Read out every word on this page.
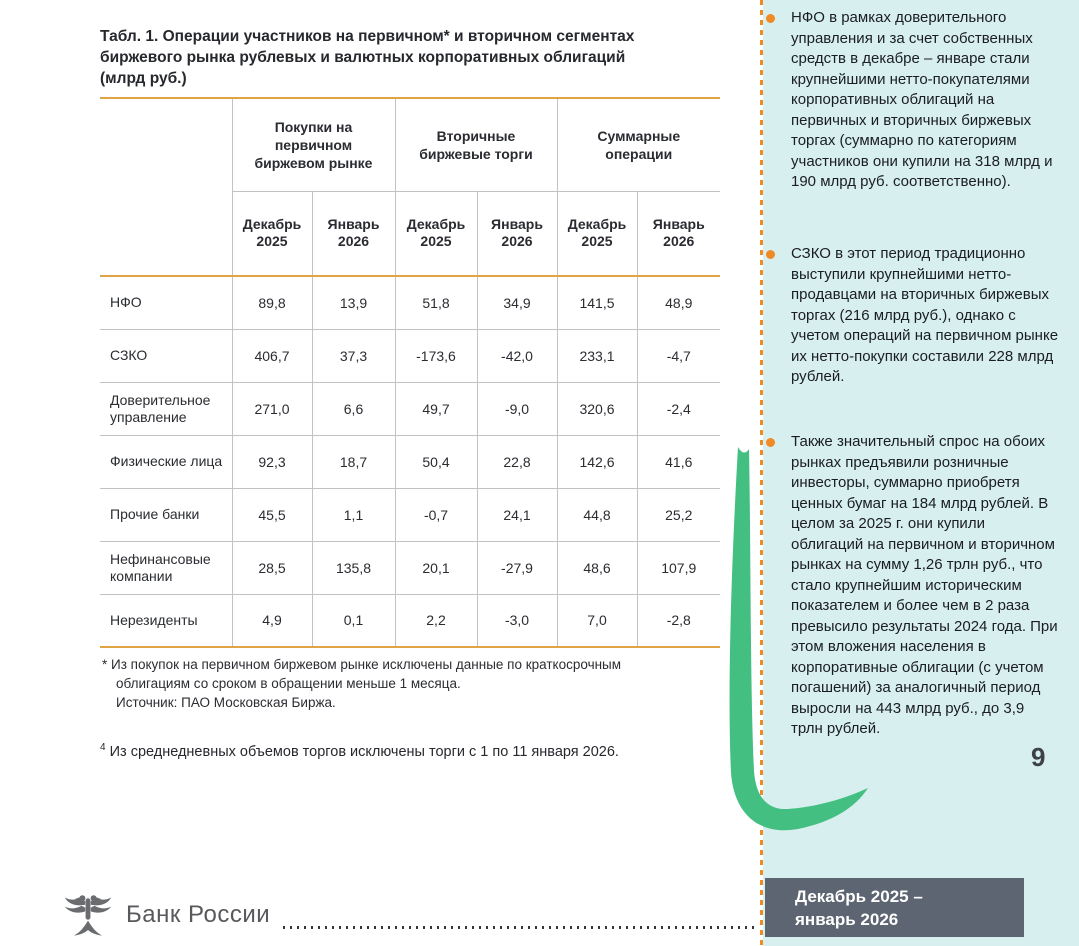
Табл. 1. Операции участников на первичном* и вторичном сегментах
биржевого рынка рублевых и валютных корпоративных облигаций
(млрд руб.)
	Покупки на первичном биржевом рынке		Вторичные биржевые торги		Суммарные операции	
	Декабрь 2025	Январь 2026	Декабрь 2025	Январь 2026	Декабрь 2025	Январь 2026
НФО	89,8	13,9	51,8	34,9	141,5	48,9
СЗКО	406,7	37,3	-173,6	-42,0	233,1	-4,7
Доверительное управление	271,0	6,6	49,7	-9,0	320,6	-2,4
Физические лица	92,3	18,7	50,4	22,8	142,6	41,6
Прочие банки	45,5	1,1	-0,7	24,1	44,8	25,2
Нефинансовые компании	28,5	135,8	20,1	-27,9	48,6	107,9
Нерезиденты	4,9	0,1	2,2	-3,0	7,0	-2,8
* Из покупок на первичном биржевом рынке исключены данные по краткосрочным облигациям со сроком в обращении меньше 1 месяца.
Источник: ПАО Московская Биржа.
$^4$ Из среднедневных объемов торгов исключены торги с 1 по 11 января 2026.
НФО в рамках доверительного управления и за счет собственных средств в декабре – январе стали крупнейшими нетто-покупателями корпоративных облигаций на первичных и вторичных биржевых торгах (суммарно по категориям участников они купили на 318 млрд и 190 млрд руб. соответственно).
СЗКО в этот период традиционно выступили крупнейшими нетто-продавцами на вторичных биржевых торгах (216 млрд руб.), однако с учетом операций на первичном рынке их нетто-покупки составили 228 млрд рублей.
Также значительный спрос на обоих рынках предъявили розничные инвесторы, суммарно приобретя ценных бумаг на 184 млрд рублей. В целом за 2025 г. они купили облигаций на первичном и вторичном рынках на сумму 1,26 трлн руб., что стало крупнейшим историческим показателем и более чем в 2 раза превысило результаты 2024 года. При этом вложения населения в корпоративные облигации (с учетом погашений) за аналогичный период выросли на 443 млрд руб., до 3,9 трлн рублей.
9
Декабрь 2025 –
январь 2026
Банк России
